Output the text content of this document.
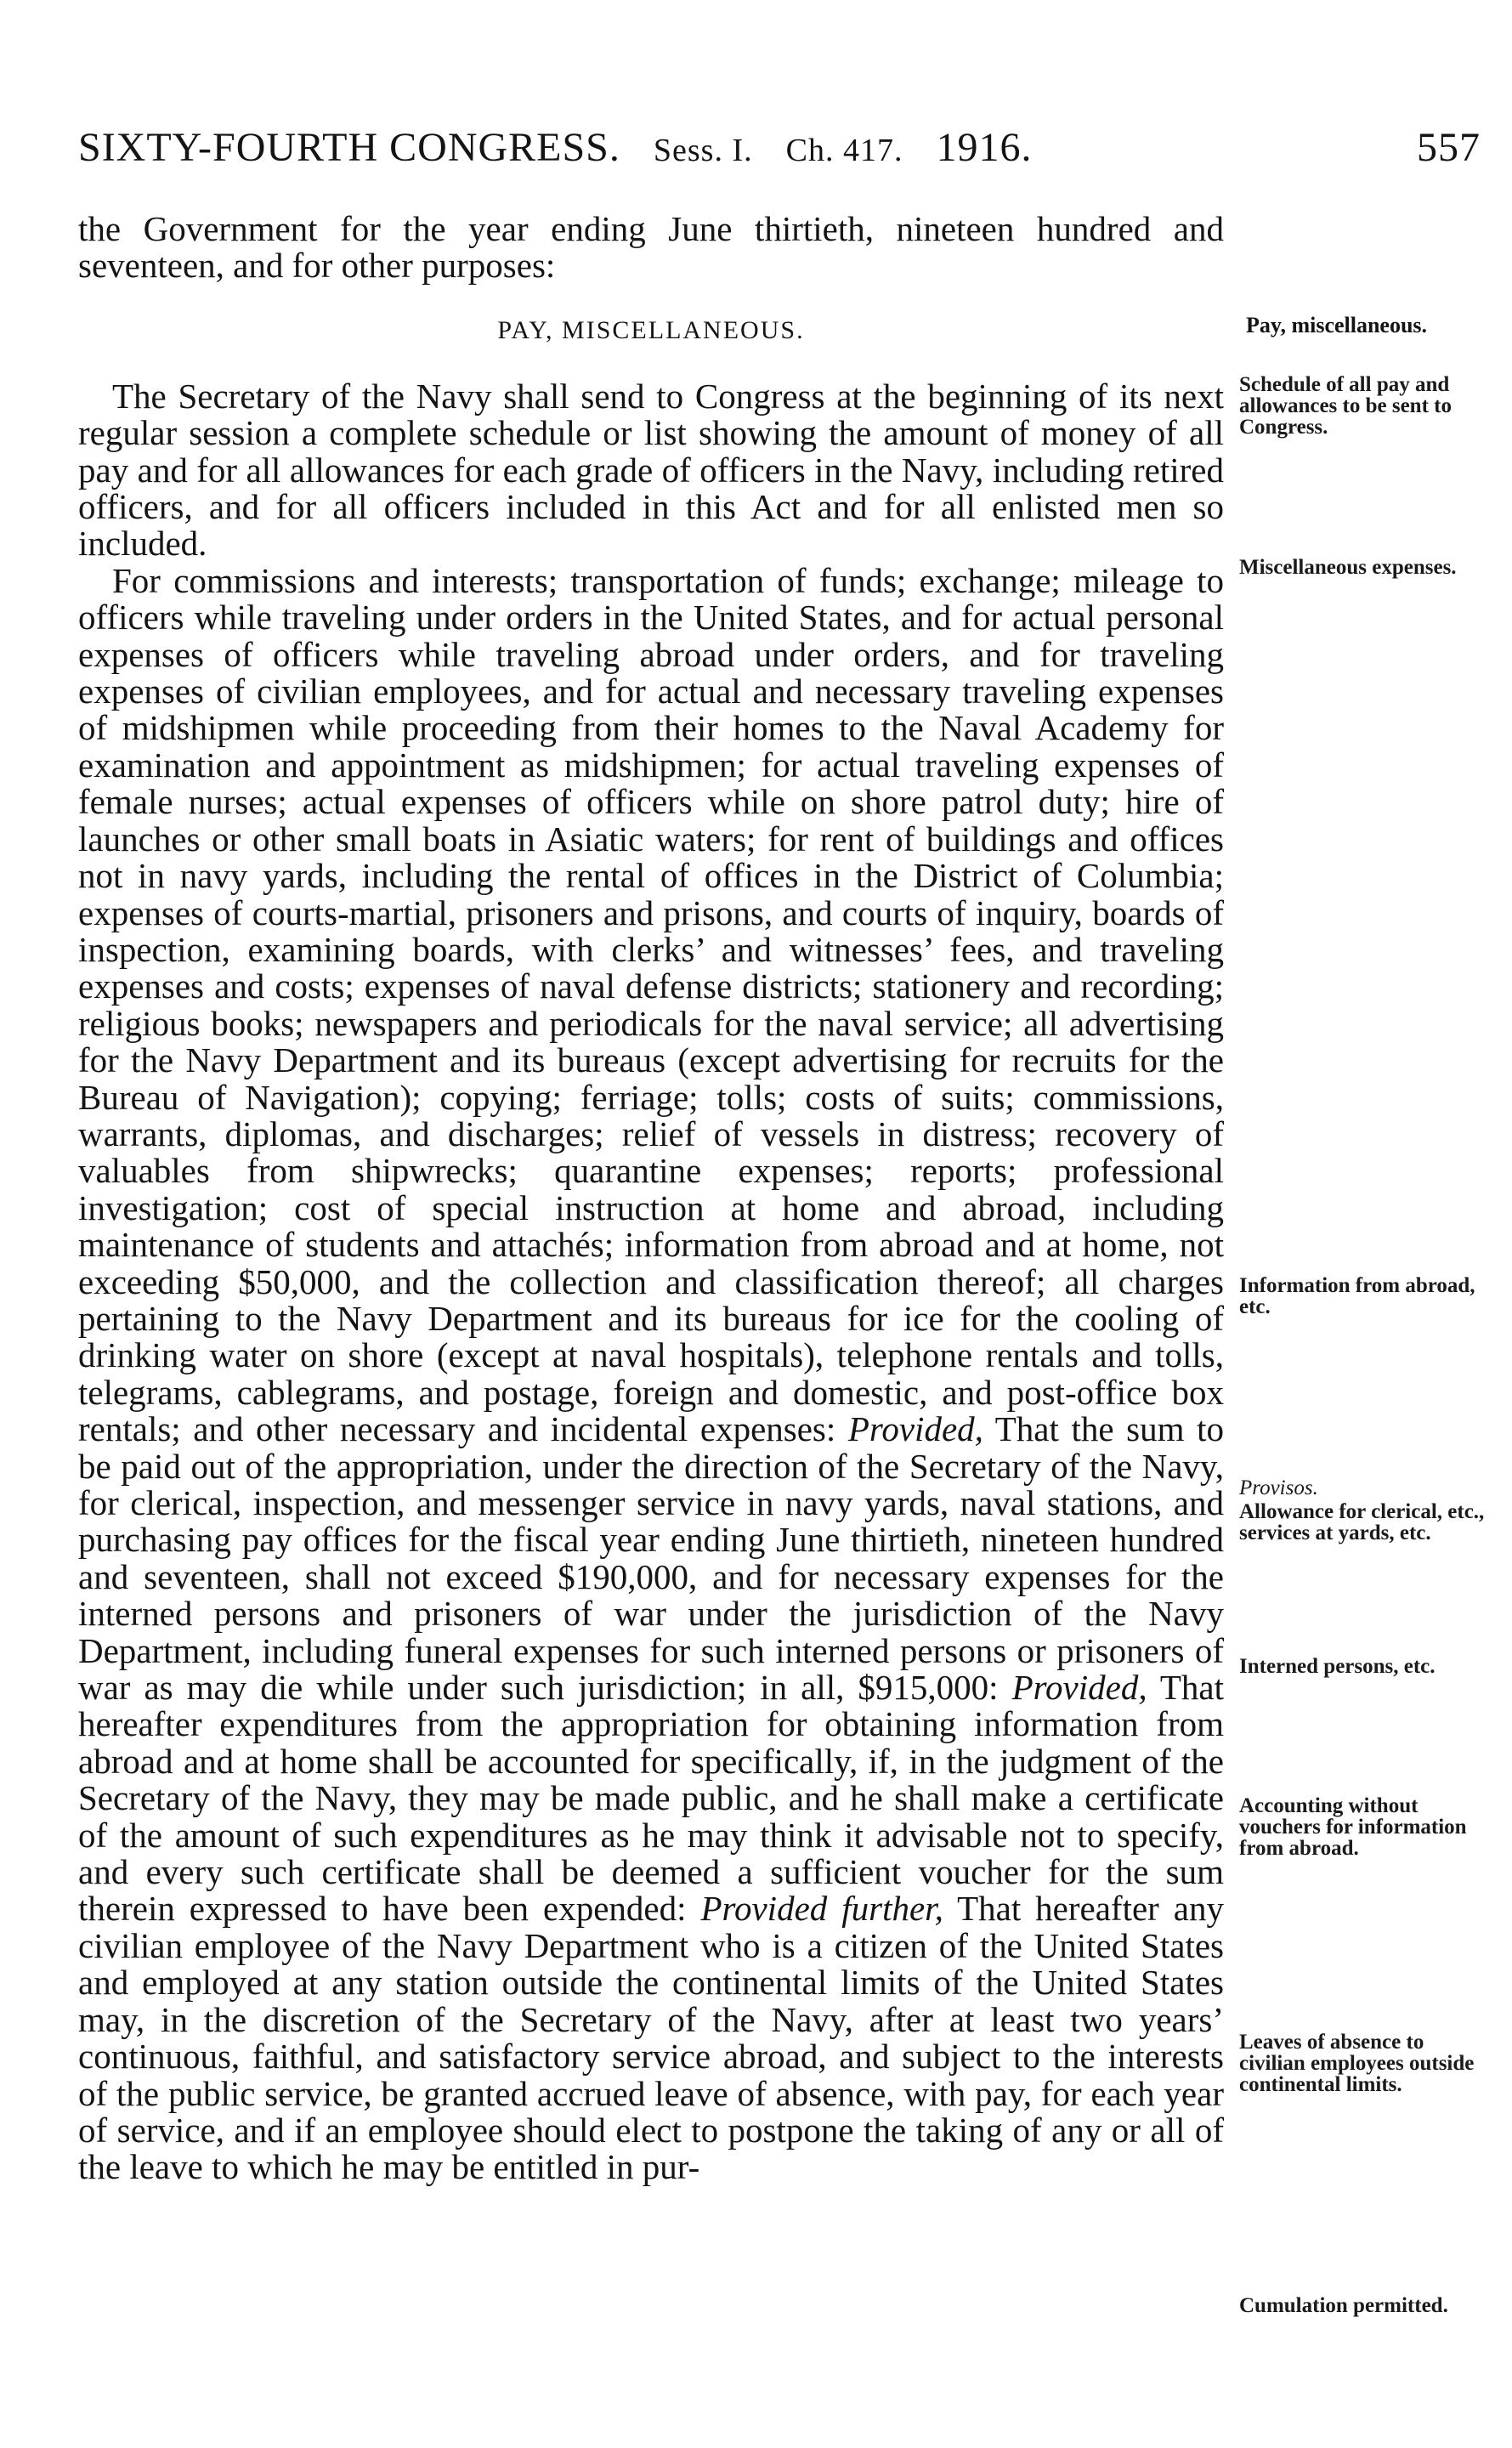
SIXTY-FOURTH CONGRESS. Sess. I. Ch. 417. 1916.	557

the Government for the year ending June thirtieth, nineteen hundred and seventeen, and for other purposes:

PAY, MISCELLANEOUS.

The Secretary of the Navy shall send to Congress at the beginning of its next regular session a complete schedule or list showing the amount of money of all pay and for all allowances for each grade of officers in the Navy, including retired officers, and for all officers included in this Act and for all enlisted men so included.

For commissions and interests; transportation of funds; exchange; mileage to officers while traveling under orders in the United States, and for actual personal expenses of officers while traveling abroad under orders, and for traveling expenses of civilian employees, and for actual and necessary traveling expenses of midshipmen while proceeding from their homes to the Naval Academy for examination and appointment as midshipmen; for actual traveling expenses of female nurses; actual expenses of officers while on shore patrol duty; hire of launches or other small boats in Asiatic waters; for rent of buildings and offices not in navy yards, including the rental of offices in the District of Columbia; expenses of courts-martial, prisoners and prisons, and courts of inquiry, boards of inspection, examining boards, with clerks’ and witnesses’ fees, and traveling expenses and costs; expenses of naval defense districts; stationery and recording; religious books; newspapers and periodicals for the naval service; all advertising for the Navy Department and its bureaus (except advertising for recruits for the Bureau of Navigation); copying; ferriage; tolls; costs of suits; commissions, warrants, diplomas, and discharges; relief of vessels in distress; recovery of valuables from shipwrecks; quarantine expenses; reports; professional investigation; cost of special instruction at home and abroad, including maintenance of students and attachés; information from abroad and at home, not exceeding $50,000, and the collection and classification thereof; all charges pertaining to the Navy Department and its bureaus for ice for the cooling of drinking water on shore (except at naval hospitals), telephone rentals and tolls, telegrams, cablegrams, and postage, foreign and domestic, and post-office box rentals; and other necessary and incidental expenses: Provided, That the sum to be paid out of the appropriation, under the direction of the Secretary of the Navy, for clerical, inspection, and messenger service in navy yards, naval stations, and purchasing pay offices for the fiscal year ending June thirtieth, nineteen hundred and seventeen, shall not exceed $190,000, and for necessary expenses for the interned persons and prisoners of war under the jurisdiction of the Navy Department, including funeral expenses for such interned persons or prisoners of war as may die while under such jurisdiction; in all, $915,000: Provided, That hereafter expenditures from the appropriation for obtaining information from abroad and at home shall be accounted for specifically, if, in the judgment of the Secretary of the Navy, they may be made public, and he shall make a certificate of the amount of such expenditures as he may think it advisable not to specify, and every such certificate shall be deemed a sufficient voucher for the sum therein expressed to have been expended: Provided further, That hereafter any civilian employee of the Navy Department who is a citizen of the United States and employed at any station outside the continental limits of the United States may, in the discretion of the Secretary of the Navy, after at least two years’ continuous, faithful, and satisfactory service abroad, and subject to the interests of the public service, be granted accrued leave of absence, with pay, for each year of service, and if an employee should elect to postpone the taking of any or all of the leave to which he may be entitled in pur-

Pay, miscellaneous.
Schedule of all pay and allowances to be sent to Congress.
Miscellaneous expenses.
Information from abroad, etc.
Provisos.
Allowance for clerical, etc., services at yards, etc.
Interned persons, etc.
Accounting without vouchers for information from abroad.
Leaves of absence to civilian employees outside continental limits.
Cumulation permitted.
